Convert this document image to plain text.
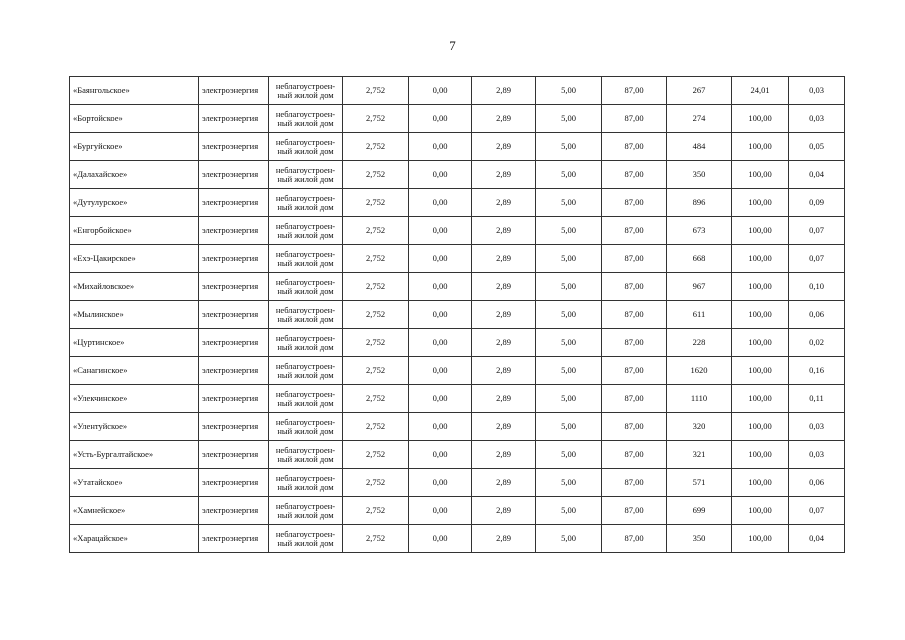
7
«Баянгольское»	электроэнергия	неблагоустроен-
ный жилой дом	2,752	0,00	2,89	5,00	87,00	267	24,01	0,03
«Бортойское»	электроэнергия	неблагоустроен-
ный жилой дом	2,752	0,00	2,89	5,00	87,00	274	100,00	0,03
«Бургуйское»	электроэнергия	неблагоустроен-
ный жилой дом	2,752	0,00	2,89	5,00	87,00	484	100,00	0,05
«Далахайское»	электроэнергия	неблагоустроен-
ный жилой дом	2,752	0,00	2,89	5,00	87,00	350	100,00	0,04
«Дутулурское»	электроэнергия	неблагоустроен-
ный жилой дом	2,752	0,00	2,89	5,00	87,00	896	100,00	0,09
«Енгорбойское»	электроэнергия	неблагоустроен-
ный жилой дом	2,752	0,00	2,89	5,00	87,00	673	100,00	0,07
«Ехэ-Цакирское»	электроэнергия	неблагоустроен-
ный жилой дом	2,752	0,00	2,89	5,00	87,00	668	100,00	0,07
«Михайловское»	электроэнергия	неблагоустроен-
ный жилой дом	2,752	0,00	2,89	5,00	87,00	967	100,00	0,10
«Мылинское»	электроэнергия	неблагоустроен-
ный жилой дом	2,752	0,00	2,89	5,00	87,00	611	100,00	0,06
«Цуртинское»	электроэнергия	неблагоустроен-
ный жилой дом	2,752	0,00	2,89	5,00	87,00	228	100,00	0,02
«Санагинское»	электроэнергия	неблагоустроен-
ный жилой дом	2,752	0,00	2,89	5,00	87,00	1620	100,00	0,16
«Улекчинское»	электроэнергия	неблагоустроен-
ный жилой дом	2,752	0,00	2,89	5,00	87,00	1110	100,00	0,11
«Улентуйское»	электроэнергия	неблагоустроен-
ный жилой дом	2,752	0,00	2,89	5,00	87,00	320	100,00	0,03
«Усть-Бургалтайское»	электроэнергия	неблагоустроен-
ный жилой дом	2,752	0,00	2,89	5,00	87,00	321	100,00	0,03
«Утатайское»	электроэнергия	неблагоустроен-
ный жилой дом	2,752	0,00	2,89	5,00	87,00	571	100,00	0,06
«Хамнейское»	электроэнергия	неблагоустроен-
ный жилой дом	2,752	0,00	2,89	5,00	87,00	699	100,00	0,07
«Харацайское»	электроэнергия	неблагоустроен-
ный жилой дом	2,752	0,00	2,89	5,00	87,00	350	100,00	0,04
